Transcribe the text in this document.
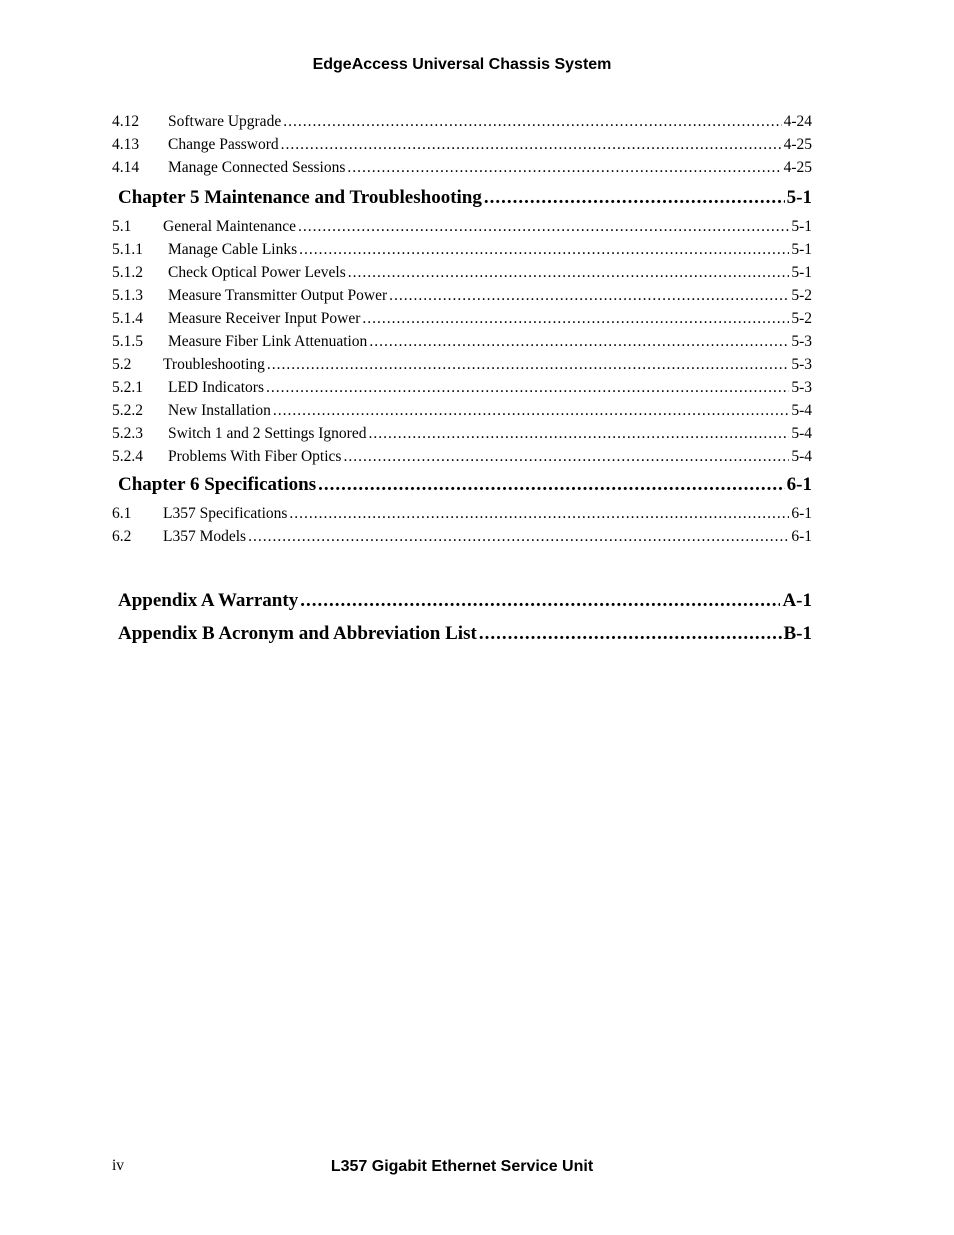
EdgeAccess Universal Chassis System
4.12	Software Upgrade .....	4-24
4.13	Change Password .....	4-25
4.14	Manage Connected Sessions .....	4-25
Chapter 5 Maintenance and Troubleshooting .....	5-1
5.1	General Maintenance .....	5-1
5.1.1	Manage Cable Links .....	5-1
5.1.2	Check Optical Power Levels .....	5-1
5.1.3	Measure Transmitter Output Power .....	5-2
5.1.4	Measure Receiver Input Power .....	5-2
5.1.5	Measure Fiber Link Attenuation .....	5-3
5.2	Troubleshooting .....	5-3
5.2.1	LED Indicators .....	5-3
5.2.2	New Installation .....	5-4
5.2.3	Switch 1 and 2 Settings Ignored .....	5-4
5.2.4	Problems With Fiber Optics .....	5-4
Chapter 6 Specifications .....	6-1
6.1	L357 Specifications .....	6-1
6.2	L357 Models .....	6-1
Appendix A Warranty .....	A-1
Appendix B Acronym and Abbreviation List .....	B-1
iv	L357 Gigabit Ethernet Service Unit
